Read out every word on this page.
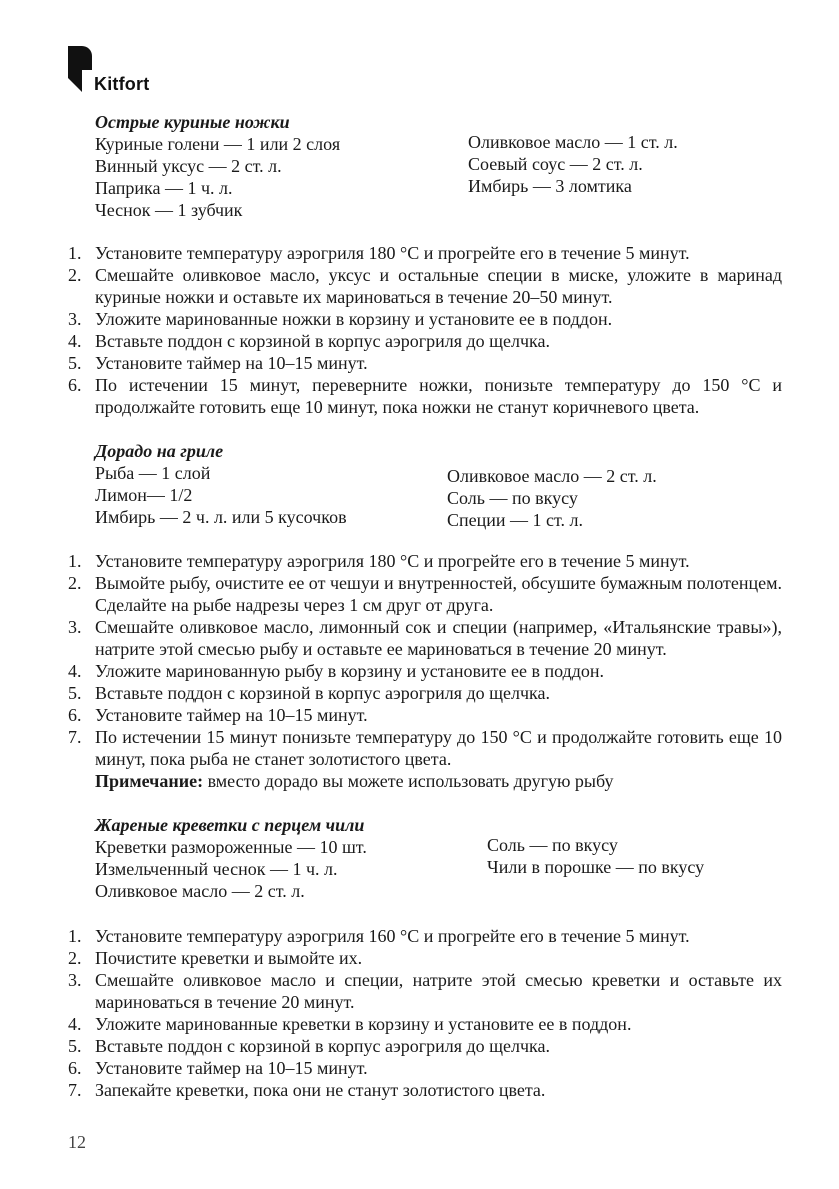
Kitfort
Острые куриные ножки
Куриные голени — 1 или 2 слоя
Винный уксус — 2 ст. л.
Паприка — 1 ч. л.
Чеснок — 1 зубчик
Оливковое масло — 1 ст. л.
Соевый соус — 2 ст. л.
Имбирь — 3 ломтика
1. Установите температуру аэрогриля 180 °C и прогрейте его в течение 5 минут.
2. Смешайте оливковое масло, уксус и остальные специи в миске, уложите в маринад куриные ножки и оставьте их мариноваться в течение 20–50 минут.
3. Уложите маринованные ножки в корзину и установите ее в поддон.
4. Вставьте поддон с корзиной в корпус аэрогриля до щелчка.
5. Установите таймер на 10–15 минут.
6. По истечении 15 минут, переверните ножки, понизьте температуру до 150 °C и продолжайте готовить еще 10 минут, пока ножки не станут коричневого цвета.
Дорадо на гриле
Рыба — 1 слой
Лимон— 1/2
Имбирь — 2 ч. л. или 5 кусочков
Оливковое масло — 2 ст. л.
Соль — по вкусу
Специи — 1 ст. л.
1. Установите температуру аэрогриля 180 °C и прогрейте его в течение 5 минут.
2. Вымойте рыбу, очистите ее от чешуи и внутренностей, обсушите бумажным полотенцем. Сделайте на рыбе надрезы через 1 см друг от друга.
3. Смешайте оливковое масло, лимонный сок и специи (например, «Итальянские травы»), натрите этой смесью рыбу и оставьте ее мариноваться в течение 20 минут.
4. Уложите маринованную рыбу в корзину и установите ее в поддон.
5. Вставьте поддон с корзиной в корпус аэрогриля до щелчка.
6. Установите таймер на 10–15 минут.
7. По истечении 15 минут понизьте температуру до 150 °C и продолжайте готовить еще 10 минут, пока рыба не станет золотистого цвета.
Примечание: вместо дорадо вы можете использовать другую рыбу
Жареные креветки с перцем чили
Креветки размороженные — 10 шт.
Измельченный чеснок — 1 ч. л.
Оливковое масло — 2 ст. л.
Соль — по вкусу
Чили в порошке — по вкусу
1. Установите температуру аэрогриля 160 °C и прогрейте его в течение 5 минут.
2. Почистите креветки и вымойте их.
3. Смешайте оливковое масло и специи, натрите этой смесью креветки и оставьте их мариноваться в течение 20 минут.
4. Уложите маринованные креветки в корзину и установите ее в поддон.
5. Вставьте поддон с корзиной в корпус аэрогриля до щелчка.
6. Установите таймер на 10–15 минут.
7. Запекайте креветки, пока они не станут золотистого цвета.
12
